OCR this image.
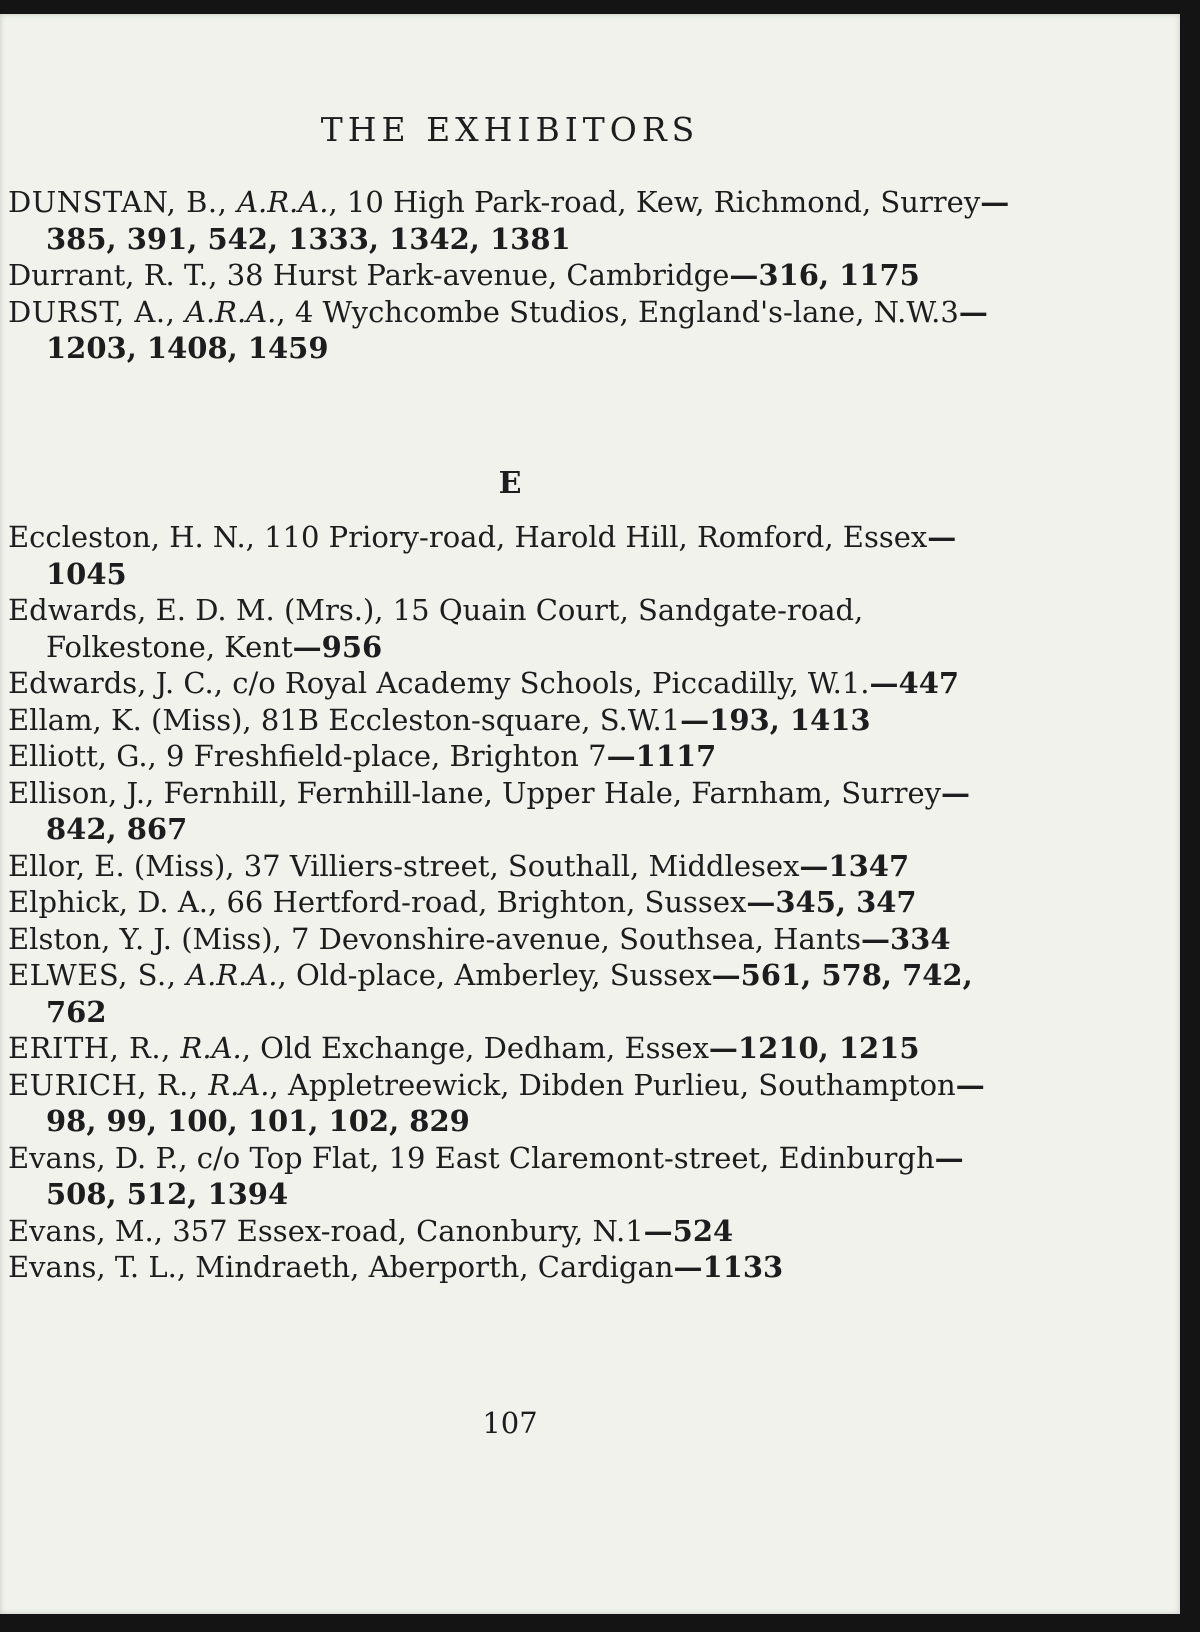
THE EXHIBITORS

DUNSTAN, B., A.R.A., 10 High Park-road, Kew, Richmond, Surrey—385, 391, 542, 1333, 1342, 1381

Durrant, R. T., 38 Hurst Park-avenue, Cambridge—316, 1175

DURST, A., A.R.A., 4 Wychcombe Studios, England's-lane, N.W.3—1203, 1408, 1459

E

Eccleston, H. N., 110 Priory-road, Harold Hill, Romford, Essex—1045

Edwards, E. D. M. (Mrs.), 15 Quain Court, Sandgate-road, Folkestone, Kent—956

Edwards, J. C., c/o Royal Academy Schools, Piccadilly, W.1.—447

Ellam, K. (Miss), 81B Eccleston-square, S.W.1—193, 1413

Elliott, G., 9 Freshfield-place, Brighton 7—1117

Ellison, J., Fernhill, Fernhill-lane, Upper Hale, Farnham, Surrey—842, 867

Ellor, E. (Miss), 37 Villiers-street, Southall, Middlesex—1347

Elphick, D. A., 66 Hertford-road, Brighton, Sussex—345, 347

Elston, Y. J. (Miss), 7 Devonshire-avenue, Southsea, Hants—334

ELWES, S., A.R.A., Old-place, Amberley, Sussex—561, 578, 742, 762

ERITH, R., R.A., Old Exchange, Dedham, Essex—1210, 1215

EURICH, R., R.A., Appletreewick, Dibden Purlieu, Southampton—98, 99, 100, 101, 102, 829

Evans, D. P., c/o Top Flat, 19 East Claremont-street, Edinburgh—508, 512, 1394

Evans, M., 357 Essex-road, Canonbury, N.1—524

Evans, T. L., Mindraeth, Aberporth, Cardigan—1133

107
